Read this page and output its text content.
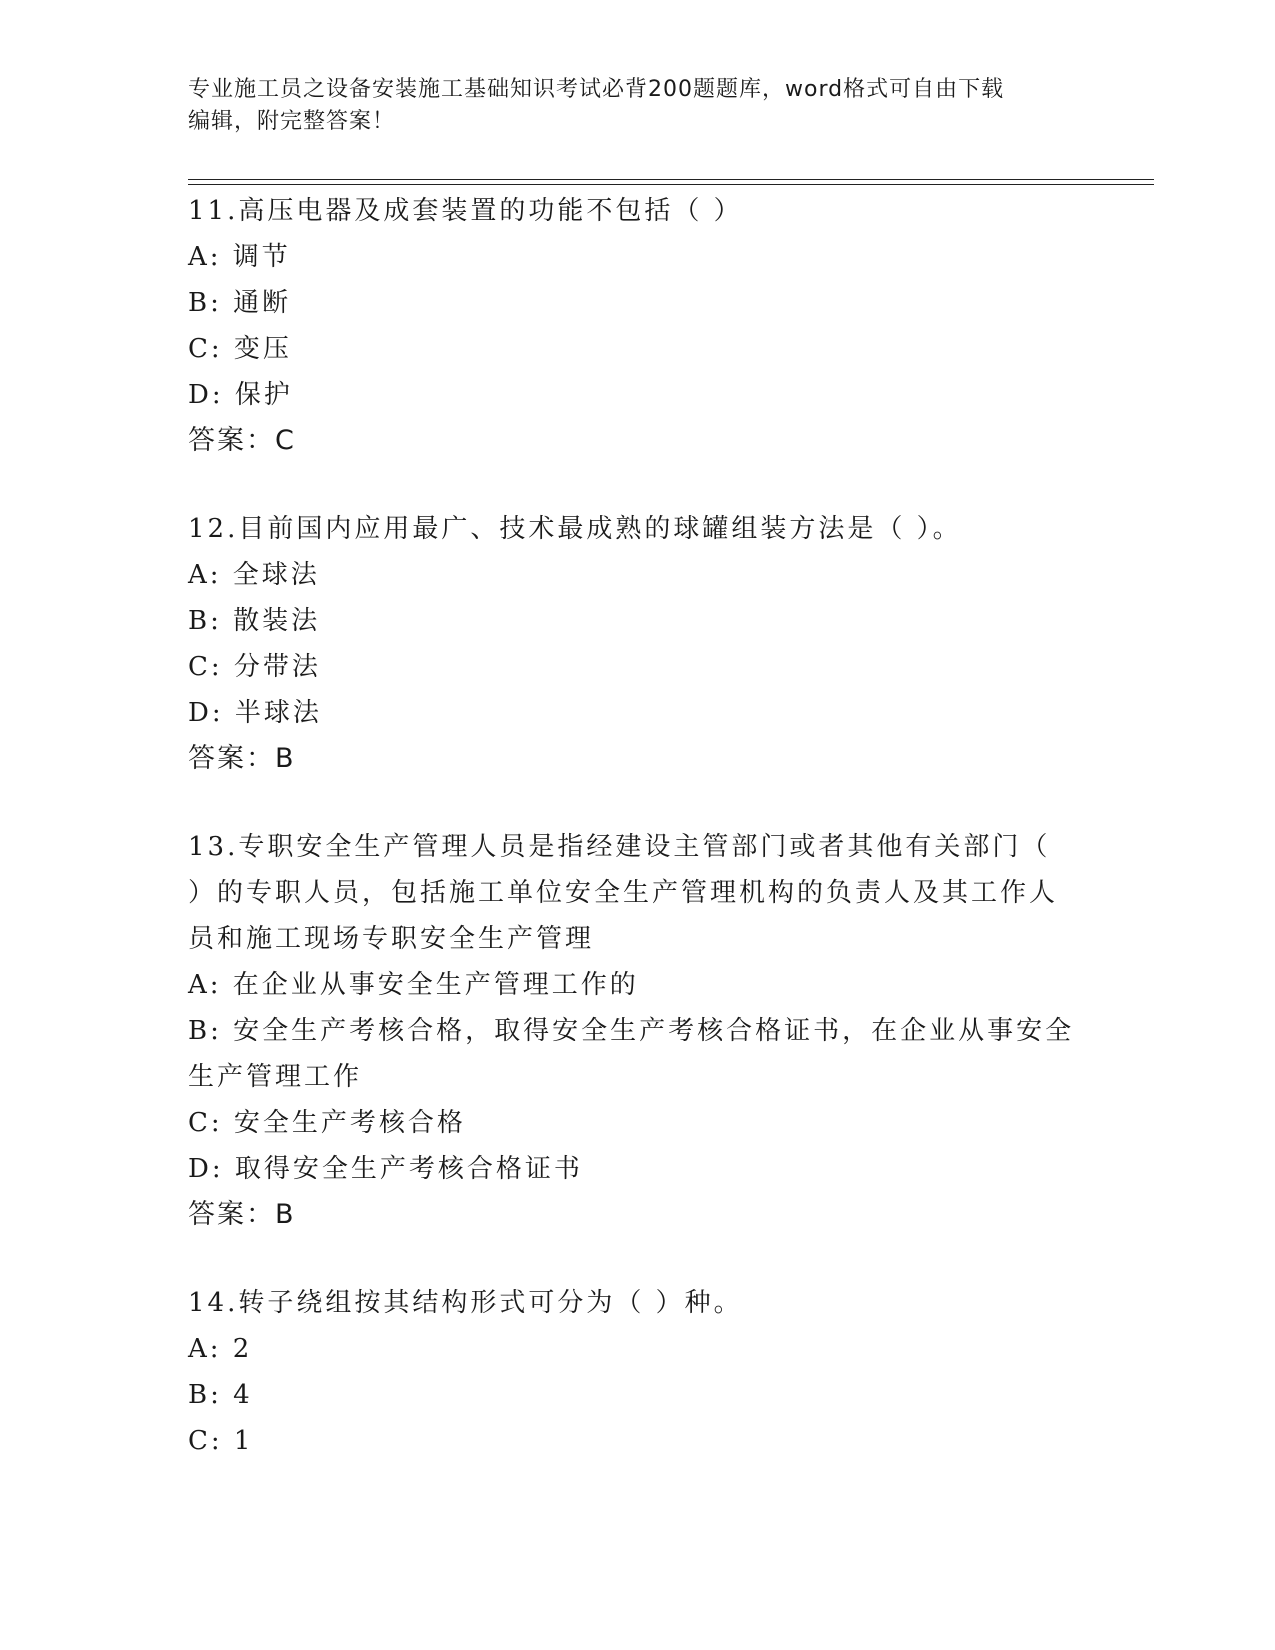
专业施工员之设备安装施工基础知识考试必背200题题库，word格式可自由下载
编辑，附完整答案！
11.高压电器及成套装置的功能不包括（ ）
A: 调节
B: 通断
C: 变压
D: 保护
答案：C
12.目前国内应用最广、技术最成熟的球罐组装方法是（ ）。
A: 全球法
B: 散装法
C: 分带法
D: 半球法
答案：B
13.专职安全生产管理人员是指经建设主管部门或者其他有关部门（
）的专职人员，包括施工单位安全生产管理机构的负责人及其工作人
员和施工现场专职安全生产管理
A: 在企业从事安全生产管理工作的
B: 安全生产考核合格，取得安全生产考核合格证书，在企业从事安全
生产管理工作
C: 安全生产考核合格
D: 取得安全生产考核合格证书
答案：B
14.转子绕组按其结构形式可分为（ ）种。
A: 2
B: 4
C: 1
